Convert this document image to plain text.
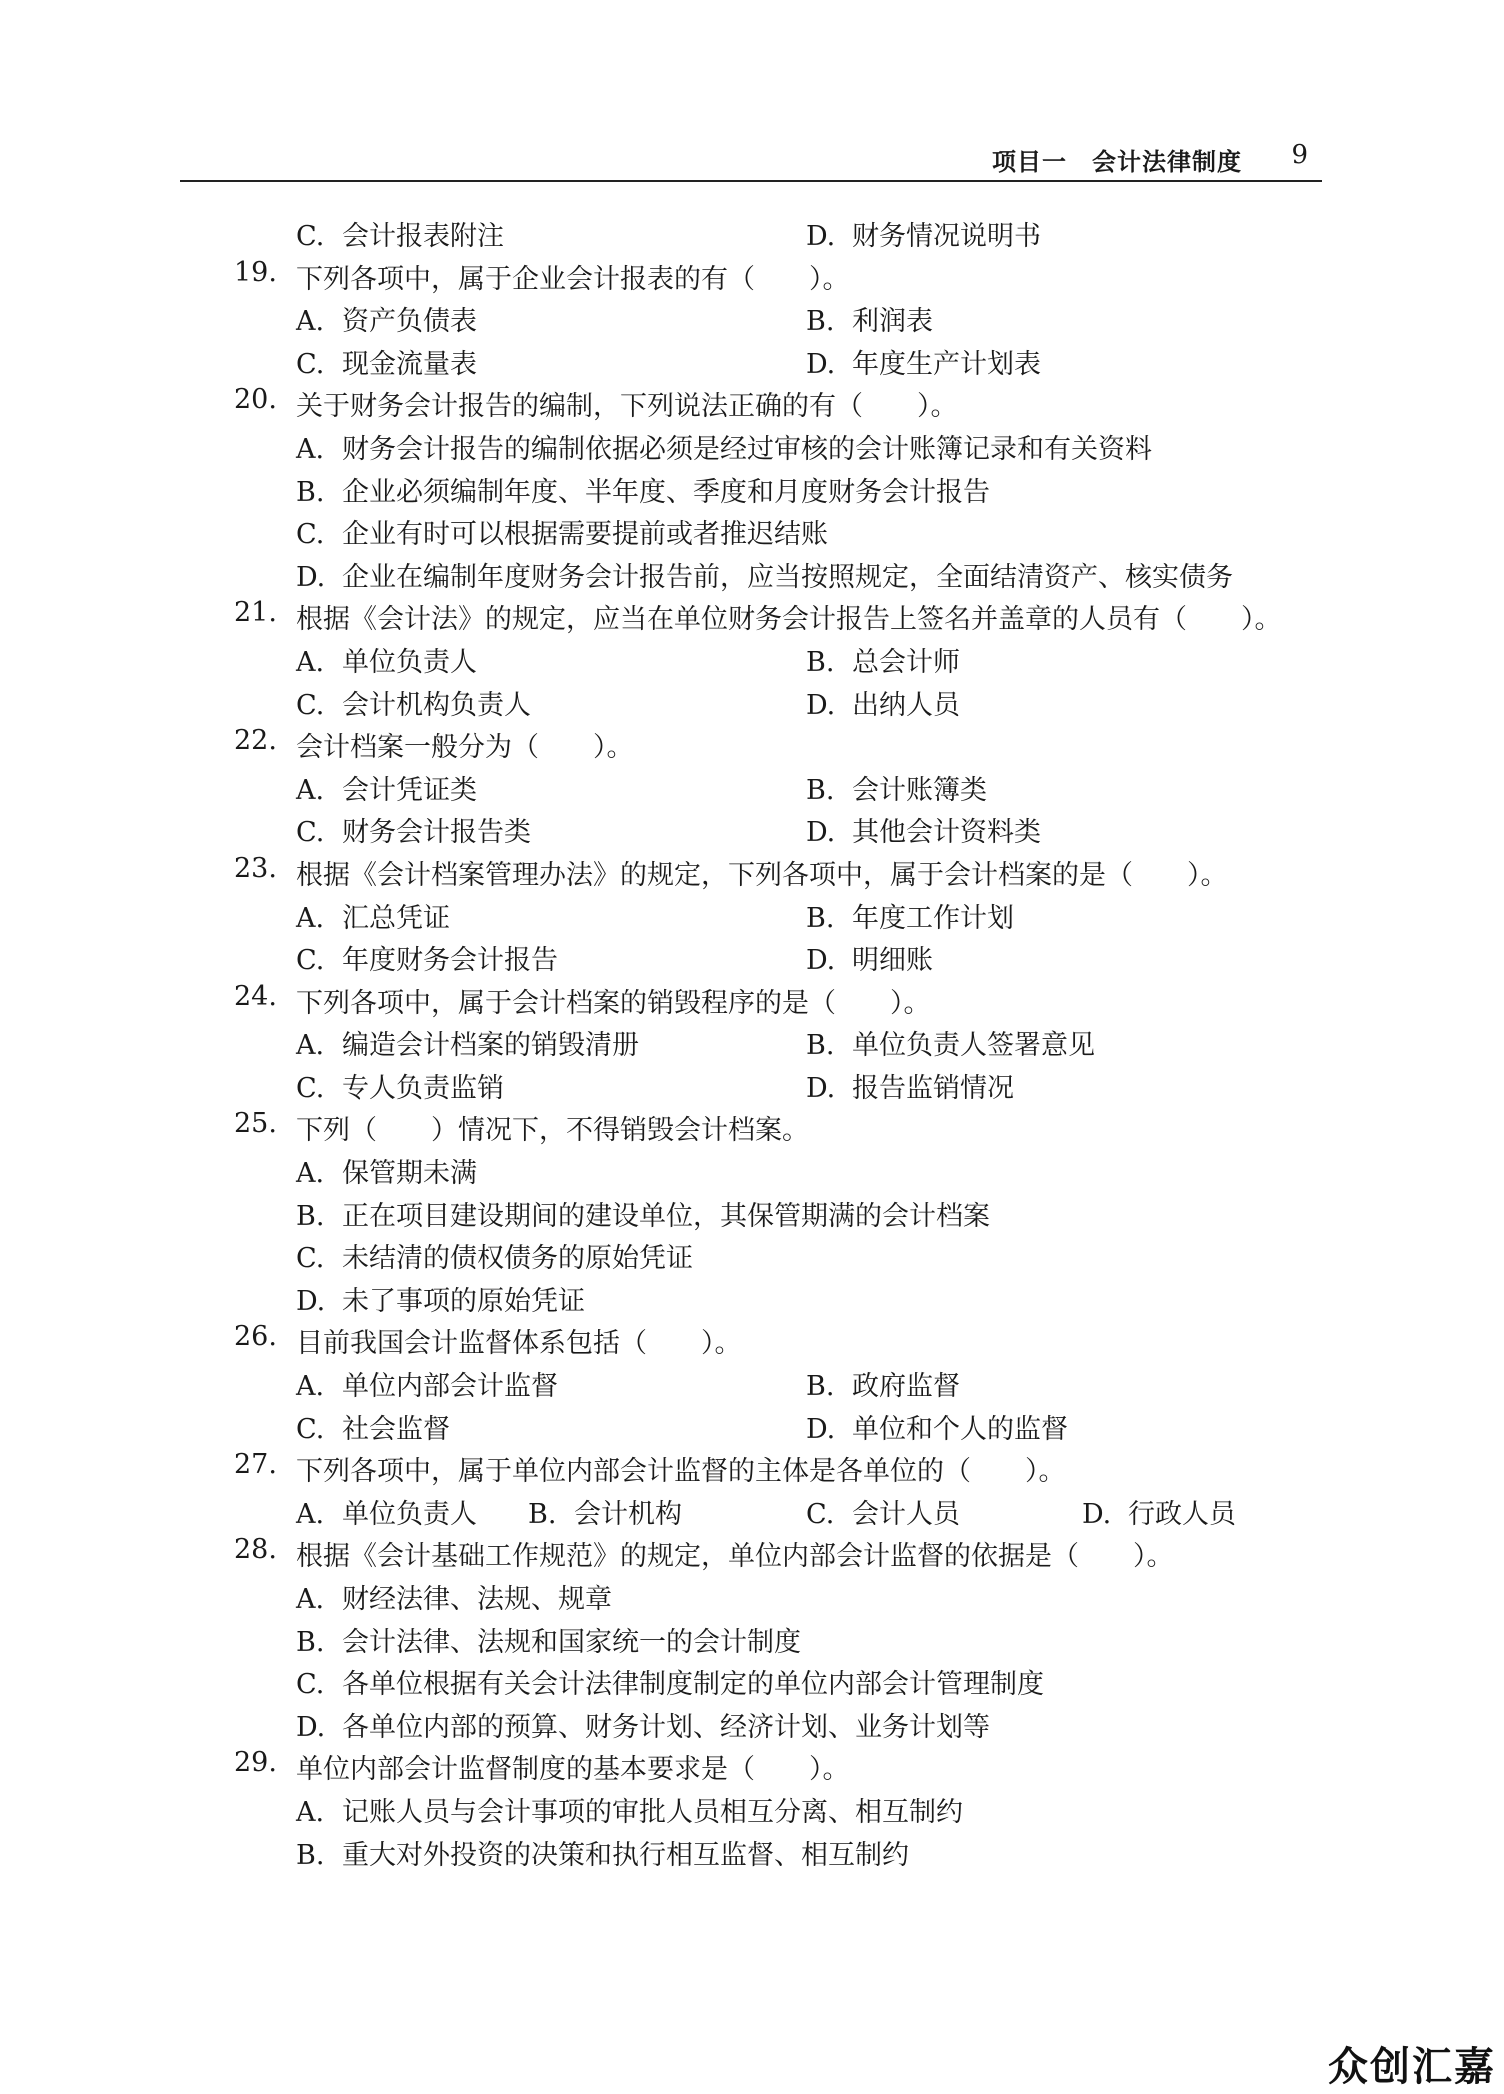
项目一　会计法律制度 9
C. 会计报表附注	D. 财务情况说明书
19. 下列各项中，属于企业会计报表的有（　　）。
A. 资产负债表	B. 利润表
C. 现金流量表	D. 年度生产计划表
20. 关于财务会计报告的编制，下列说法正确的有（　　）。
A. 财务会计报告的编制依据必须是经过审核的会计账簿记录和有关资料
B. 企业必须编制年度、半年度、季度和月度财务会计报告
C. 企业有时可以根据需要提前或者推迟结账
D. 企业在编制年度财务会计报告前，应当按照规定，全面结清资产、核实债务
21. 根据《会计法》的规定，应当在单位财务会计报告上签名并盖章的人员有（　　）。
A. 单位负责人	B. 总会计师
C. 会计机构负责人	D. 出纳人员
22. 会计档案一般分为（　　）。
A. 会计凭证类	B. 会计账簿类
C. 财务会计报告类	D. 其他会计资料类
23. 根据《会计档案管理办法》的规定，下列各项中，属于会计档案的是（　　）。
A. 汇总凭证	B. 年度工作计划
C. 年度财务会计报告	D. 明细账
24. 下列各项中，属于会计档案的销毁程序的是（　　）。
A. 编造会计档案的销毁清册	B. 单位负责人签署意见
C. 专人负责监销	D. 报告监销情况
25. 下列（　　）情况下，不得销毁会计档案。
A. 保管期未满
B. 正在项目建设期间的建设单位，其保管期满的会计档案
C. 未结清的债权债务的原始凭证
D. 未了事项的原始凭证
26. 目前我国会计监督体系包括（　　）。
A. 单位内部会计监督	B. 政府监督
C. 社会监督	D. 单位和个人的监督
27. 下列各项中，属于单位内部会计监督的主体是各单位的（　　）。
A. 单位负责人 B. 会计机构	C. 会计人员	D. 行政人员
28. 根据《会计基础工作规范》的规定，单位内部会计监督的依据是（　　）。
A. 财经法律、法规、规章
B. 会计法律、法规和国家统一的会计制度
C. 各单位根据有关会计法律制度制定的单位内部会计管理制度
D. 各单位内部的预算、财务计划、经济计划、业务计划等
29. 单位内部会计监督制度的基本要求是（　　）。
A. 记账人员与会计事项的审批人员相互分离、相互制约
B. 重大对外投资的决策和执行相互监督、相互制约
众创汇嘉
